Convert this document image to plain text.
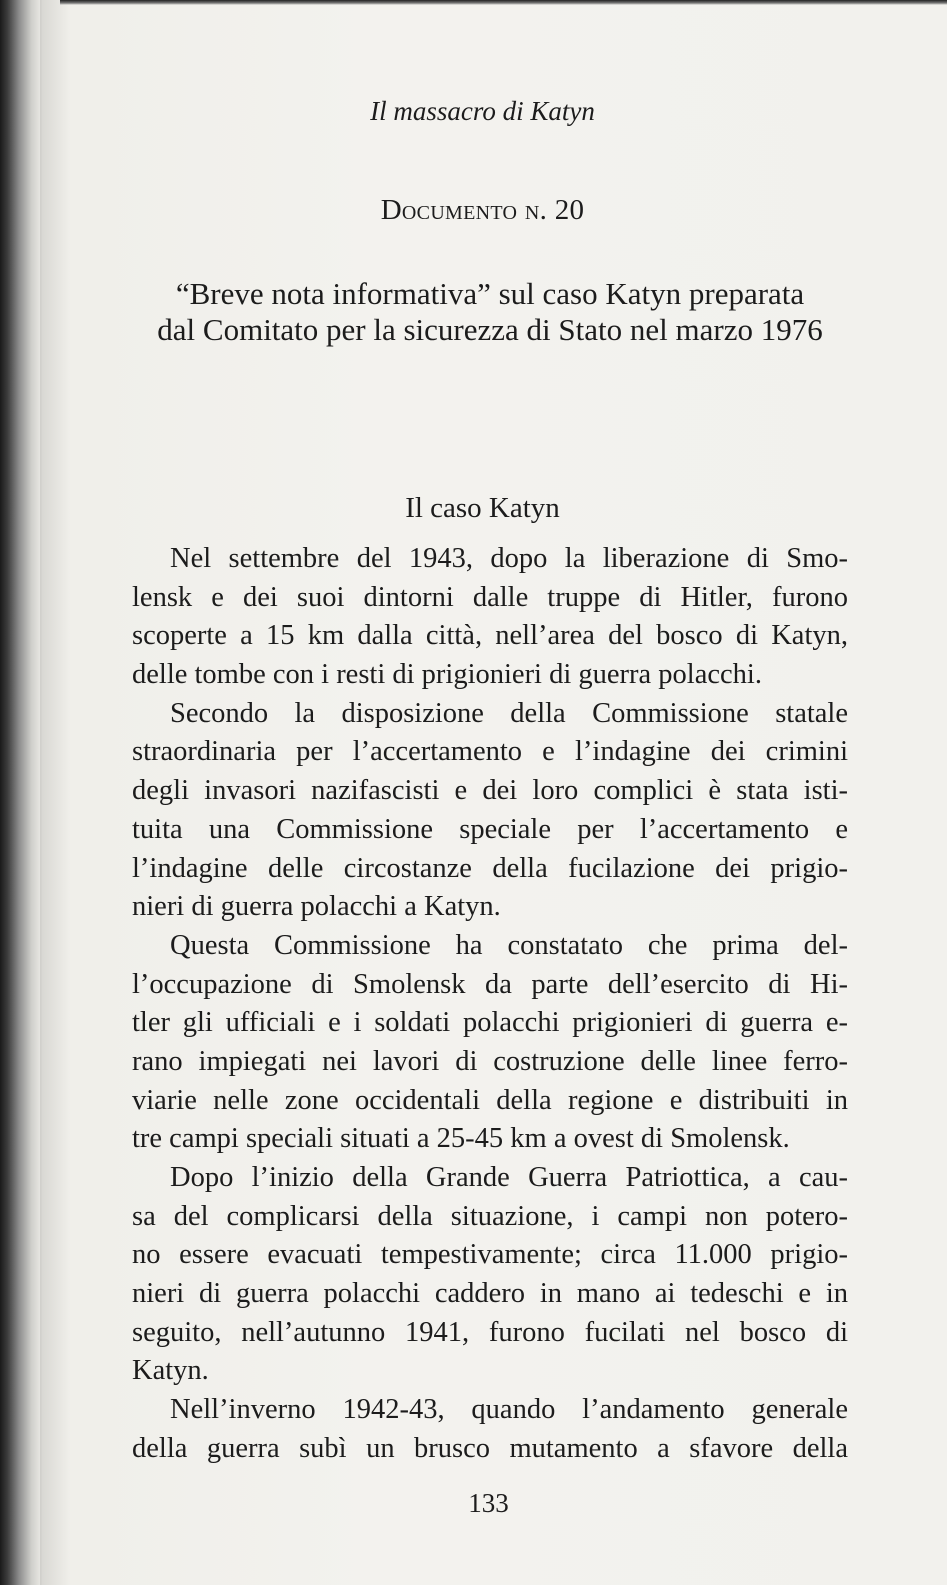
Il massacro di Katyn
Documento n. 20
“Breve nota informativa” sul caso Katyn preparata
dal Comitato per la sicurezza di Stato nel marzo 1976
Il caso Katyn
Nel settembre del 1943, dopo la liberazione di Smo-
lensk e dei suoi dintorni dalle truppe di Hitler, furono
scoperte a 15 km dalla città, nell’area del bosco di Katyn,
delle tombe con i resti di prigionieri di guerra polacchi.
Secondo la disposizione della Commissione statale
straordinaria per l’accertamento e l’indagine dei crimini
degli invasori nazifascisti e dei loro complici è stata isti-
tuita una Commissione speciale per l’accertamento e
l’indagine delle circostanze della fucilazione dei prigio-
nieri di guerra polacchi a Katyn.
Questa Commissione ha constatato che prima del-
l’occupazione di Smolensk da parte dell’esercito di Hi-
tler gli ufficiali e i soldati polacchi prigionieri di guerra e-
rano impiegati nei lavori di costruzione delle linee ferro-
viarie nelle zone occidentali della regione e distribuiti in
tre campi speciali situati a 25-45 km a ovest di Smolensk.
Dopo l’inizio della Grande Guerra Patriottica, a cau-
sa del complicarsi della situazione, i campi non potero-
no essere evacuati tempestivamente; circa 11.000 prigio-
nieri di guerra polacchi caddero in mano ai tedeschi e in
seguito, nell’autunno 1941, furono fucilati nel bosco di
Katyn.
Nell’inverno 1942-43, quando l’andamento generale
della guerra subì un brusco mutamento a sfavore della
133
